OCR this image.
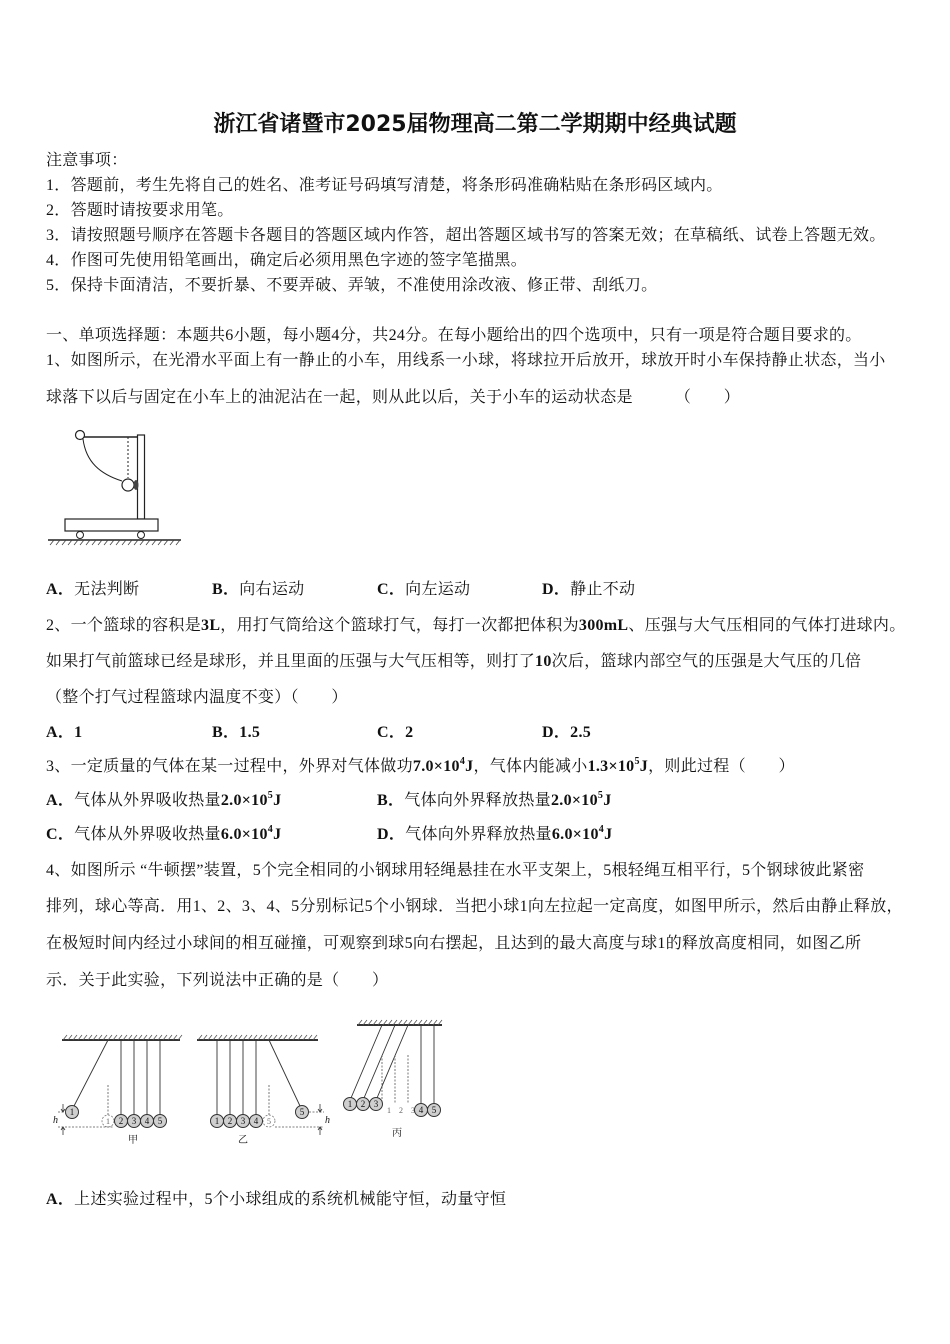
浙江省诸暨市2025届物理高二第二学期期中经典试题
注意事项：
1．答题前，考生先将自己的姓名、准考证号码填写清楚，将条形码准确粘贴在条形码区域内。
2．答题时请按要求用笔。
3．请按照题号顺序在答题卡各题目的答题区域内作答，超出答题区域书写的答案无效；在草稿纸、试卷上答题无效。
4．作图可先使用铅笔画出，确定后必须用黑色字迹的签字笔描黑。
5．保持卡面清洁，不要折暴、不要弄破、弄皱，不准使用涂改液、修正带、刮纸刀。
一、单项选择题：本题共6小题，每小题4分，共24分。在每小题给出的四个选项中，只有一项是符合题目要求的。
1、如图所示，在光滑水平面上有一静止的小车，用线系一小球，将球拉开后放开，球放开时小车保持静止状态，当小
球落下以后与固定在小车上的油泥沾在一起，则从此以后，关于小车的运动状态是	（　　）
A．无法判断	B．向右运动	C．向左运动	D．静止不动
2、一个篮球的容积是3L，用打气筒给这个篮球打气，每打一次都把体积为300mL、压强与大气压相同的气体打进球内。
如果打气前篮球已经是球形，并且里面的压强与大气压相等，则打了10次后，篮球内部空气的压强是大气压的几倍
（整个打气过程篮球内温度不变）（　　）
A．1	B．1.5	C．2	D．2.5
3、一定质量的气体在某一过程中，外界对气体做功$7.0\times 10^4J$，气体内能减小$1.3\times 10^5J$，则此过程（　　）
A．气体从外界吸收热量$2.0\times 10^5J$	B．气体向外界释放热量$2.0\times 10^5J$
C．气体从外界吸收热量$6.0\times 10^4J$	D．气体向外界释放热量$6.0\times 10^4J$
4、如图所示 “牛顿摆”装置，5个完全相同的小钢球用轻绳悬挂在水平支架上，5根轻绳互相平行，5个钢球彼此紧密
排列，球心等高．用1、2、3、4、5分别标记5个小钢球．当把小球1向左拉起一定高度，如图甲所示，然后由静止释放，
在极短时间内经过小球间的相互碰撞，可观察到球5向右摆起，且达到的最大高度与球1的释放高度相同，如图乙所
示．关于此实验，下列说法中正确的是（　　）
1
1
2 3 4 5
h
甲
5
1 2 3 4
5
h
乙
1 2 3
1 2 3
4 5
丙
A．上述实验过程中，5个小球组成的系统机械能守恒，动量守恒
